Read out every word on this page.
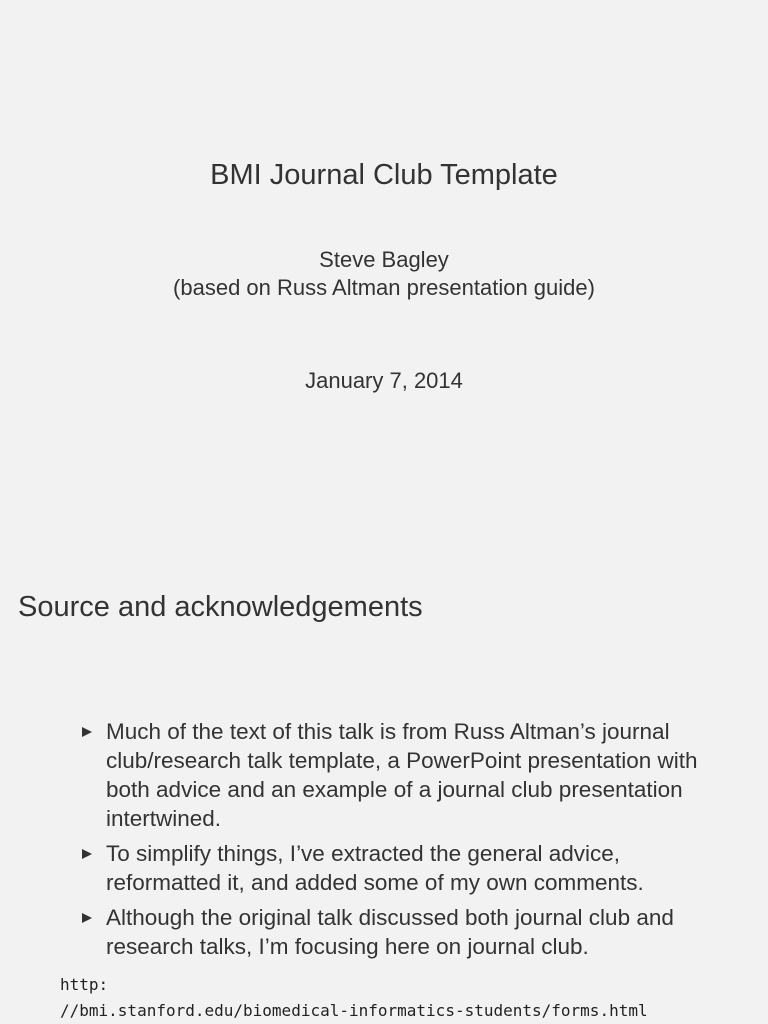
BMI Journal Club Template
Steve Bagley
(based on Russ Altman presentation guide)
January 7, 2014
Source and acknowledgements
Much of the text of this talk is from Russ Altman’s journal club/research talk template, a PowerPoint presentation with both advice and an example of a journal club presentation intertwined.
To simplify things, I’ve extracted the general advice, reformatted it, and added some of my own comments.
Although the original talk discussed both journal club and research talks, I’m focusing here on journal club.
http:
//bmi.stanford.edu/biomedical-informatics-students/forms.html
